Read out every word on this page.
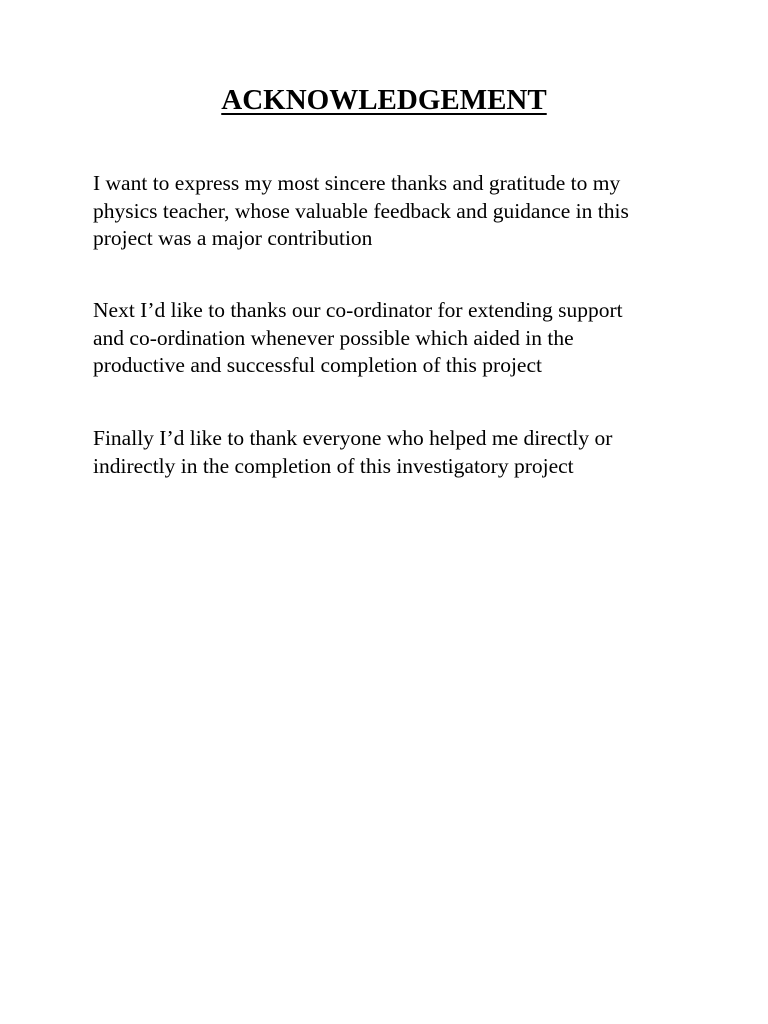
ACKNOWLEDGEMENT

I want to express my most sincere thanks and gratitude to my
physics teacher, whose valuable feedback and guidance in this
project was a major contribution

Next I’d like to thanks our co-ordinator for extending support
and co-ordination whenever possible which aided in the
productive and successful completion of this project

Finally I’d like to thank everyone who helped me directly or
indirectly in the completion of this investigatory project
